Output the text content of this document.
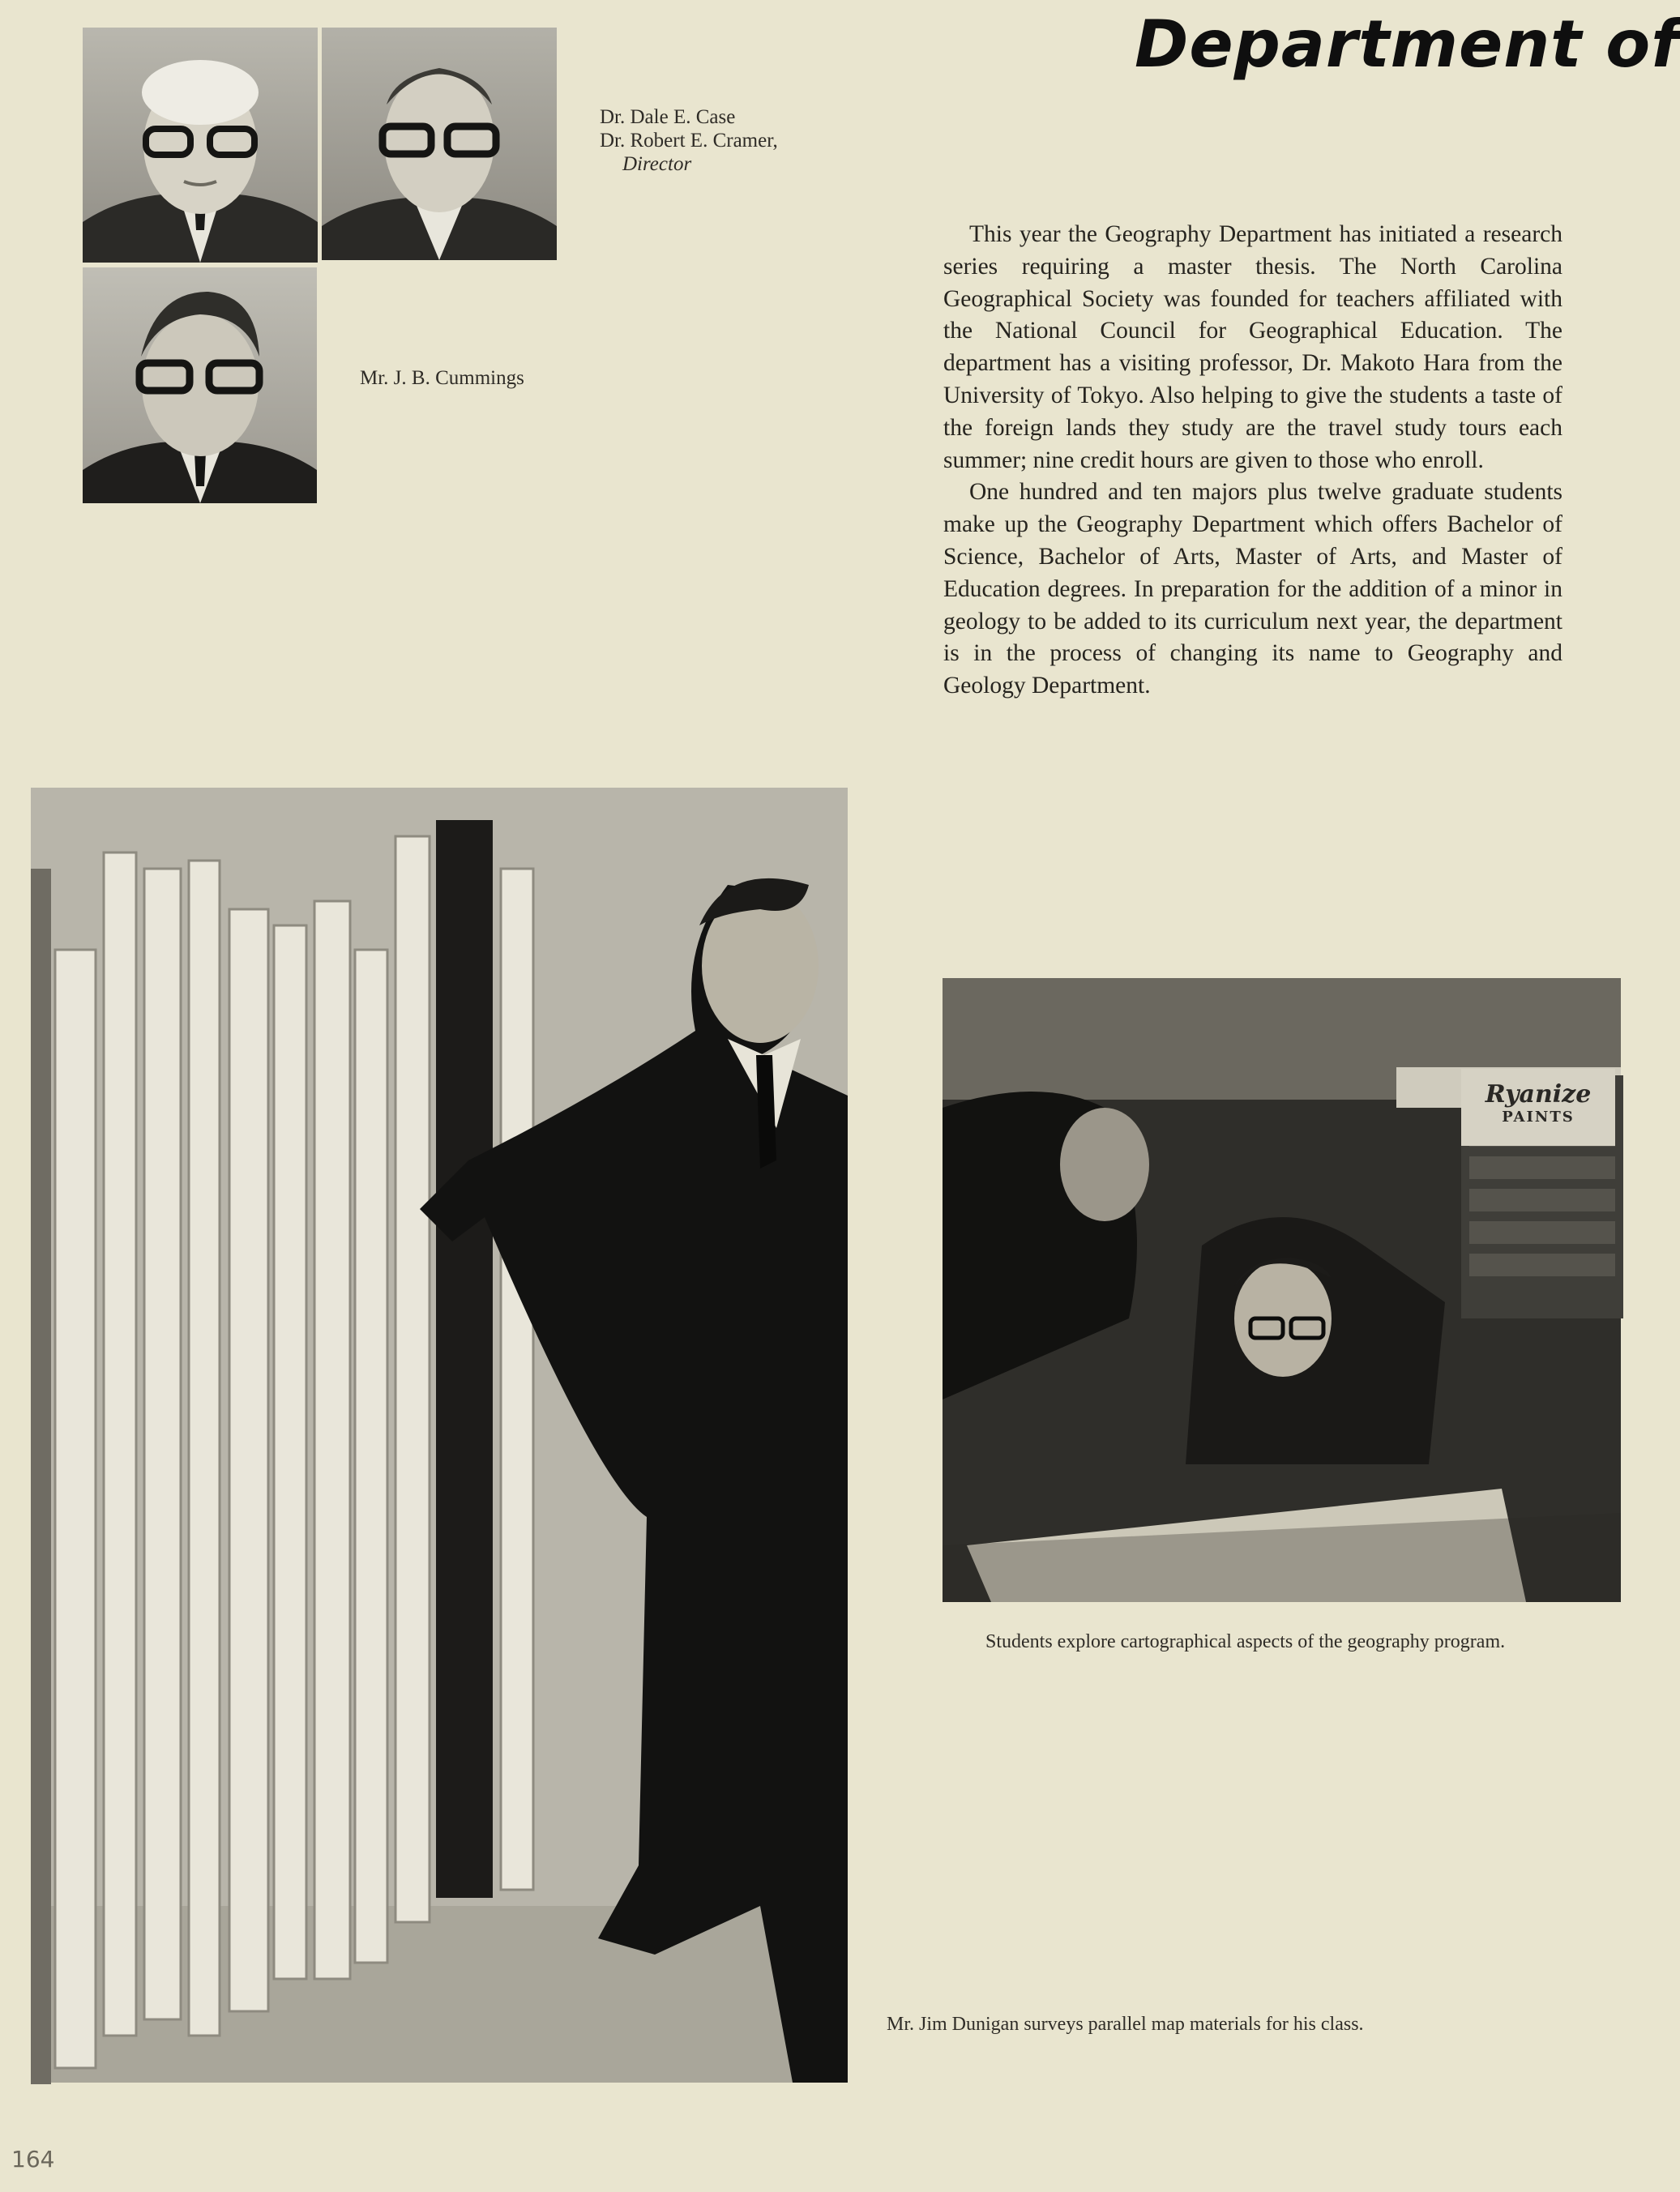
Dr. Dale E. Case
Dr. Robert E. Cramer,
Director
Mr. J. B. Cummings
Department of

This year the Geography Department has initiated a research series requiring a master thesis. The North Carolina Geographical Society was founded for teachers affiliated with the National Council for Geographical Education. The department has a visiting professor, Dr. Makoto Hara from the University of Tokyo. Also helping to give the students a taste of the foreign lands they study are the travel study tours each summer; nine credit hours are given to those who enroll.

One hundred and ten majors plus twelve graduate students make up the Geography Department which offers Bachelor of Science, Bachelor of Arts, Master of Arts, and Master of Education degrees. In preparation for the addition of a minor in geology to be added to its curriculum next year, the department is in the process of changing its name to Geography and Geology Department.

Ryanize
PAINTS
Students explore cartographical aspects of the geography program.
Mr. Jim Dunigan surveys parallel map materials for his class.
164
